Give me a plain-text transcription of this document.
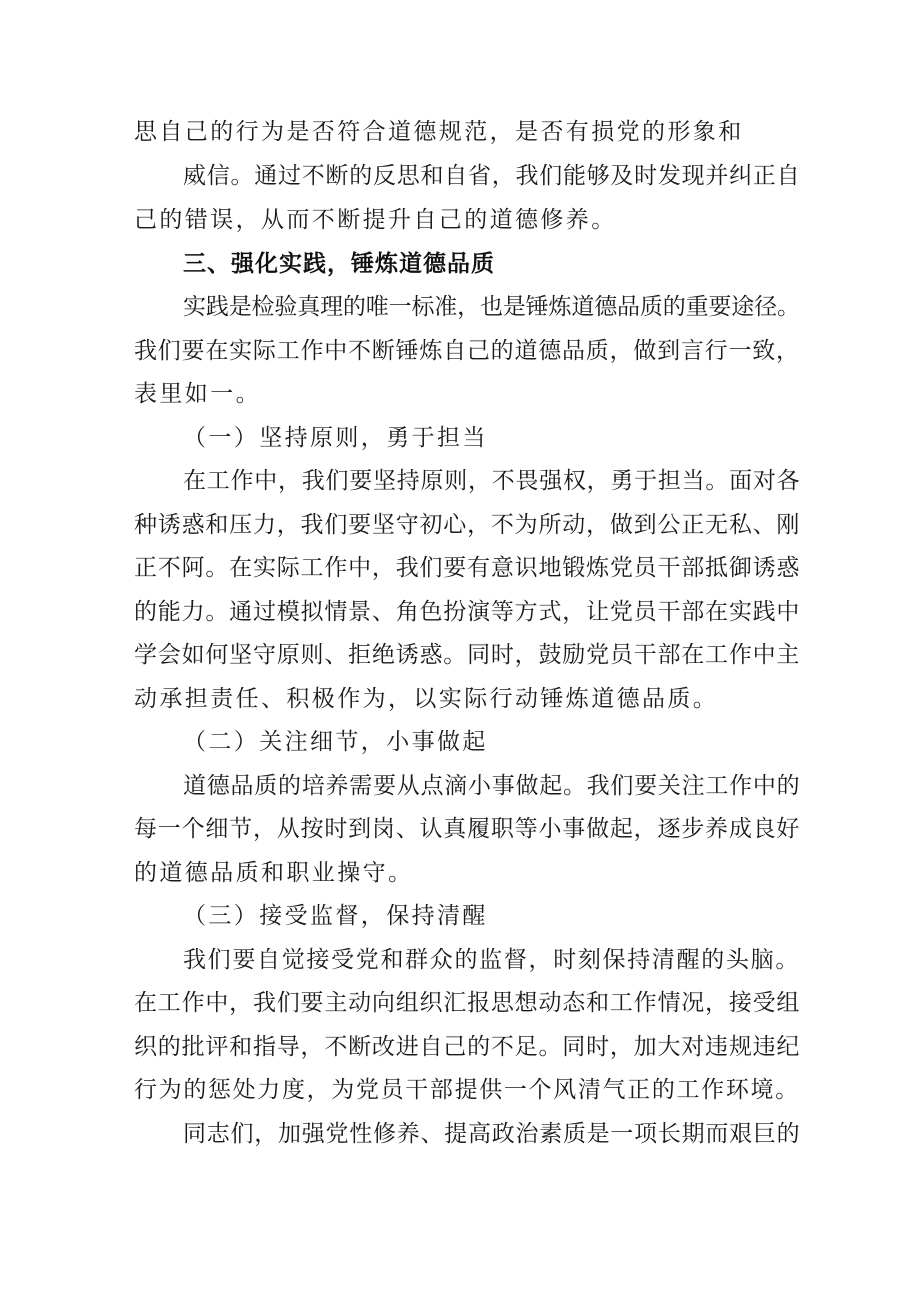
思自己的行为是否符合道德规范，是否有损党的形象和
威信。通过不断的反思和自省，我们能够及时发现并纠正自
己的错误，从而不断提升自己的道德修养。
三、强化实践，锤炼道德品质
实践是检验真理的唯一标准，也是锤炼道德品质的重要途径。
我们要在实际工作中不断锤炼自己的道德品质，做到言行一致，
表里如一。
（一）坚持原则，勇于担当
在工作中，我们要坚持原则，不畏强权，勇于担当。面对各
种诱惑和压力，我们要坚守初心，不为所动，做到公正无私、刚
正不阿。在实际工作中，我们要有意识地锻炼党员干部抵御诱惑
的能力。通过模拟情景、角色扮演等方式，让党员干部在实践中
学会如何坚守原则、拒绝诱惑。同时，鼓励党员干部在工作中主
动承担责任、积极作为，以实际行动锤炼道德品质。
（二）关注细节，小事做起
道德品质的培养需要从点滴小事做起。我们要关注工作中的
每一个细节，从按时到岗、认真履职等小事做起，逐步养成良好
的道德品质和职业操守。
（三）接受监督，保持清醒
我们要自觉接受党和群众的监督，时刻保持清醒的头脑。
在工作中，我们要主动向组织汇报思想动态和工作情况，接受组
织的批评和指导，不断改进自己的不足。同时，加大对违规违纪
行为的惩处力度，为党员干部提供一个风清气正的工作环境。
同志们，加强党性修养、提高政治素质是一项长期而艰巨的
